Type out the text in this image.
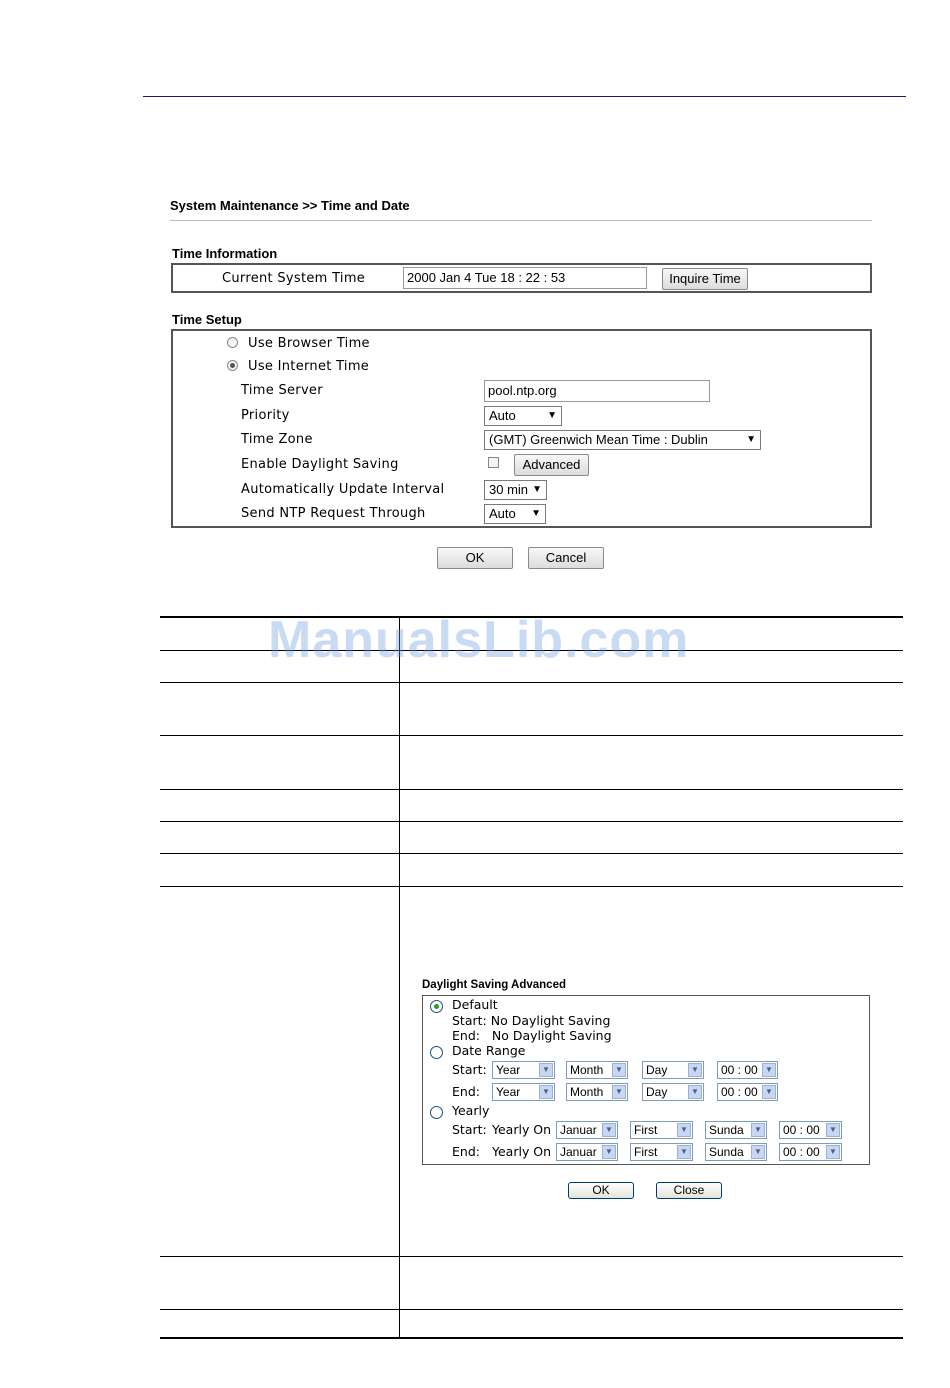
System Maintenance >> Time and Date
Time Information
Current System Time	2000 Jan 4 Tue 18 : 22 : 53	Inquire Time
Time Setup
Use Browser Time
Use Internet Time
Time Server	pool.ntp.org
Priority	Auto	▼
Time Zone	(GMT) Greenwich Mean Time : Dublin	▼
Enable Daylight Saving	Advanced
Automatically Update Interval	30 min ▼
Send NTP Request Through	Auto ▼
OK	Cancel
ManualsLib.com
Daylight Saving Advanced
Default
Start: No Daylight Saving
End:   No Daylight Saving
Date Range
Start: Year	▼	Month	▼	Day	▼	00 : 00 ▼
End:	Year	▼	Month	▼	Day	▼	00 : 00 ▼
Yearly
Start: Yearly On Januar	▼	First	▼	Sunda	▼	00 : 00	▼
End: Yearly On Januar	▼	First	▼	Sunda	▼	00 : 00	▼
OK	Close
